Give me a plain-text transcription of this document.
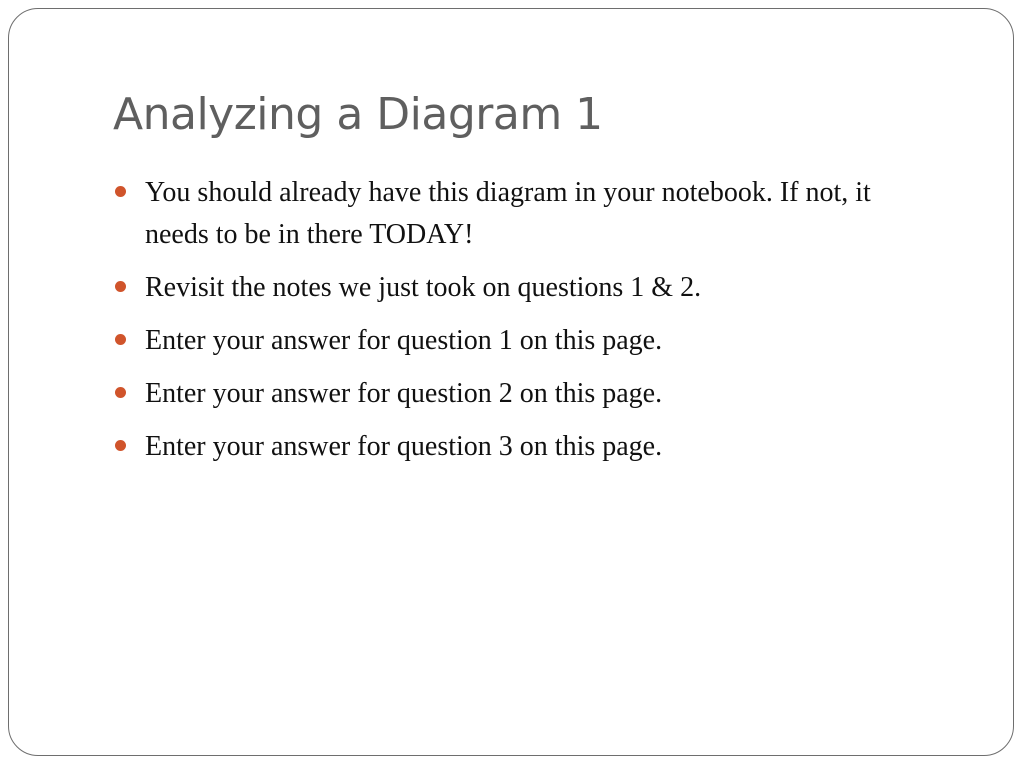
Analyzing a Diagram 1
You should already have this diagram in your notebook. If not, it needs to be in there TODAY!
Revisit the notes we just took on questions 1 & 2.
Enter your answer for question 1 on this page.
Enter your answer for question 2 on this page.
Enter your answer for question 3 on this page.
